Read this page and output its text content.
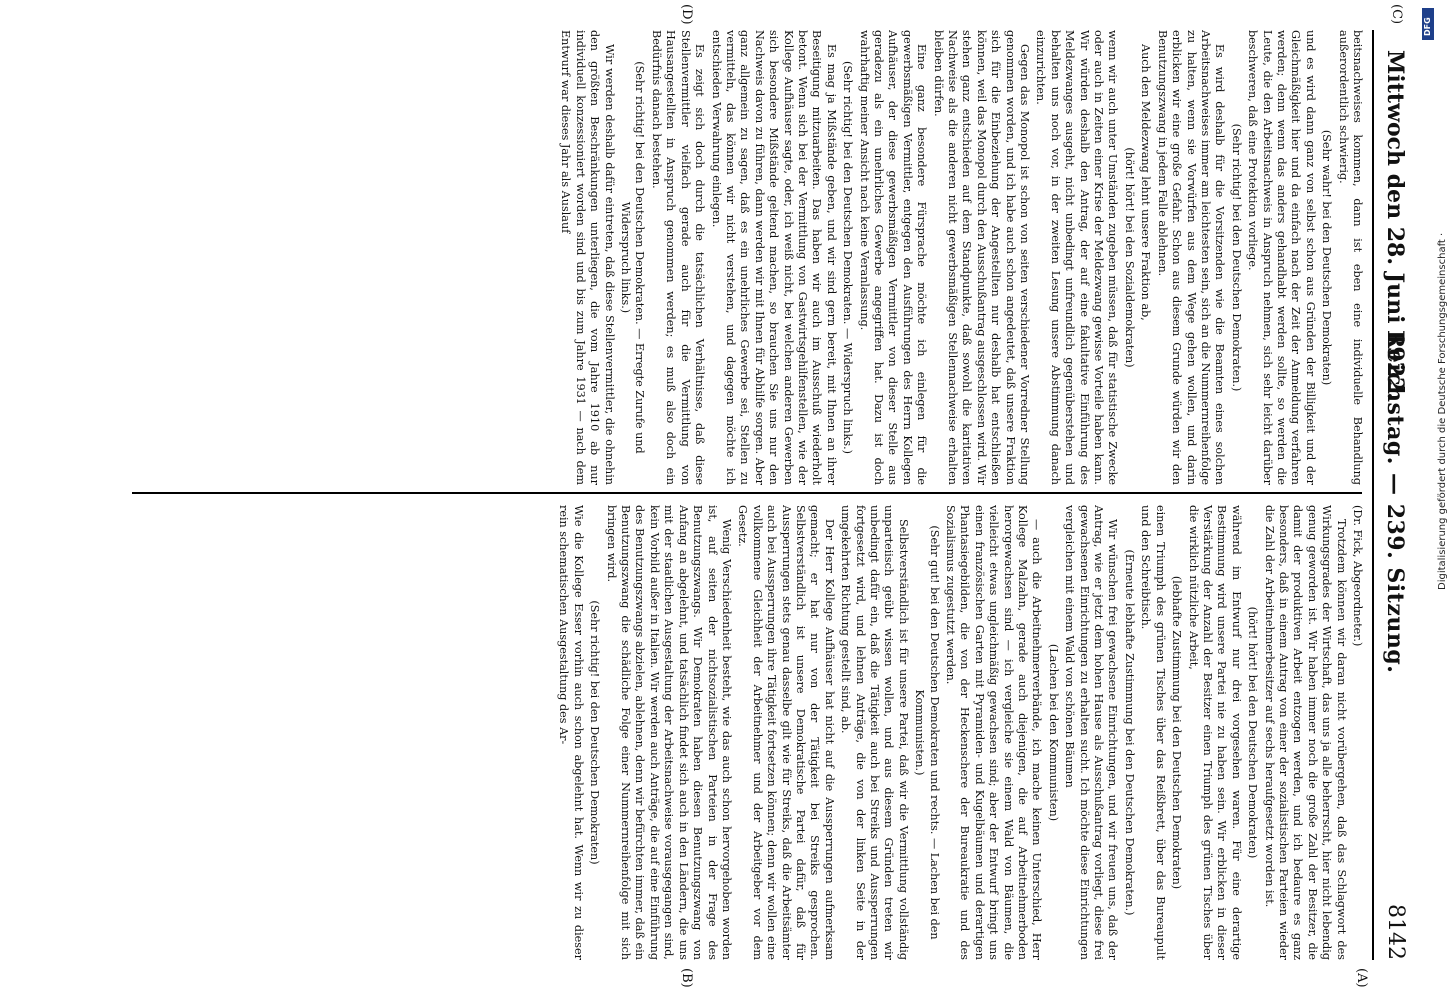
8142
Reichstag. — 239. Sitzung.
Mittwoch den 28. Juni 1922.
(A)
(B)
(C)
(D)

(Dr. Fick, Abgeordneter.)

Trotzdem können wir daran nicht vorübergehen, daß das Schlagwort des Wirkungsgrades der Wirtschaft, das uns ja alle beherrscht, hier nicht lebendig genug geworden ist. Wir haben immer noch die große Zahl der Besitzer, die damit der produktiven Arbeit entzogen werden, und ich bedaure es ganz besonders, daß in einem Antrag von einer der sozialistischen Parteien wieder die Zahl der Arbeitnehmerbesitzer auf sechs heraufgesetzt worden ist.

(hört! hört! bei den Deutschen Demokraten)

während im Entwurf nur drei vorgesehen waren. Für eine derartige Bestimmung wird unsere Partei nie zu haben sein. Wir erblicken in dieser Verstärkung der Anzahl der Besitzer einen Triumph des grünen Tisches über die wirklich nützliche Arbeit,

(lebhafte Zustimmung bei den Deutschen Demokraten)

einen Triumph des grünen Tisches über das Reißbrett, über das Bureaupult und den Schreibtisch.

(Erneute lebhafte Zustimmung bei den Deutschen Demokraten.)

Wir wünschen frei gewachsene Einrichtungen, und wir freuen uns, daß der Antrag, wie er jetzt dem hohen Hause als Ausschußantrag vorliegt, diese frei gewachsenen Einrichtungen zu erhalten sucht. Ich möchte diese Einrichtungen vergleichen mit einem Wald von schönen Bäumen

(Lachen bei den Kommunisten)

— auch die Arbeitnehmerverbände, ich mache keinen Unterschied, Herr Kollege Malzahn, gerade auch diejenigen, die auf Arbeitnehmerboden herorgewachsen sind — ich vergleiche sie einem Wald von Bäumen, die vielleicht etwas ungleichmäßig gewachsen sind; aber der Entwurf bringt uns einen französischen Garten mit Pyramiden- und Kugelbäumen und derartigen Phantasiegebilden, die von der Heckenschere der Bureaukratie und des Sozialismus zugestutzt werden.

(Sehr gut! bei den Deutschen Demokraten und rechts. — Lachen bei den Kommunisten.)

Selbstverständlich ist für unsere Partei, daß wir die Vermittlung vollständig unparteiisch geübt wissen wollen, und aus diesem Gründen treten wir unbedingt dafür ein, daß die Tätigkeit auch bei Streiks und Aussperrungen fortgesetzt wird, und lehnen Anträge, die von der linken Seite in der umgekehrten Richtung gestellt sind, ab.

Der Herr Kollege Aufhäuser hat nicht auf die Aussperrungen aufmerksam gemacht; er hat nur von der Tätigkeit bei Streiks gesprochen. Selbstverständlich ist unsere Demokratische Partei dafür, daß für Aussperrungen stets genau dasselbe gilt wie für Streiks, daß die Arbeitsämter auch bei Aussperrungen ihre Tätigkeit fortsetzen können; denn wir wollen eine vollkommene Gleichheit der Arbeitnehmer und der Arbeitgeber vor dem Gesetz.

Wenig Verschiedenheit besteht, wie das auch schon hervorgehoben worden ist, auf seiten der nichtsozialistischen Parteien in der Frage des Benutzungszwangs. Wir Demokraten haben diesen Benutzungszwang von Anfang an abgelehnt, und tatsächlich findet sich auch in den Ländern, die uns mit der staatlichen Ausgestaltung der Arbeitsnachweise vorausgegangen sind, kein Vorbild außer in Italien. Wir werden auch Anträge, die auf eine Einführung des Benutzungszwangs abzielen, ablehnen, denn wir befürchten immer, daß ein Benutzungszwang die schädliche Folge einer Nummernreihenfolge mit sich bringen wird.

(Sehr richtig! bei den Deutschen Demokraten)

Wie die Kollege Esser vorhin auch schon abgelehnt hat. Wenn wir zu dieser rein schematischen Ausgestaltung des Ar-

beitsnachweises kommen, dann ist eben eine individuelle Behandlung außerordentlich schwierig.

(Sehr wahr! bei den Deutschen Demokraten)

und es wird dann ganz von selbst schon aus Gründen der Billigkeit und der Gleichmäßigkeit hier und da einfach nach der Zeit der Anmeldung verfahren werden; denn wenn das anders gehandhabt werden sollte, so werden die Leute, die den Arbeitsnachweis in Anspruch nehmen, sich sehr leicht darüber beschweren, daß eine Protektion vorliege.

(Sehr richtig! bei den Deutschen Demokraten.)

Es wird deshalb für die Vorsitzenden wie die Beamten eines solchen Arbeitsnachweises immer am leichtesten sein, sich an die Nummernreihenfolge zu halten, wenn sie Vorwürfen aus dem Wege gehen wollen, und darin erblicken wir eine große Gefahr. Schon aus diesem Grunde würden wir den Benutzungszwang in jedem Falle ablehnen.

Auch den Meldezwang lehnt unsere Fraktion ab,

(hört! hört! bei den Sozialdemokraten)

wenn wir auch unter Umständen zugeben müssen, daß für statistische Zwecke oder auch in Zeiten einer Krise der Meldezwang gewisse Vorteile haben kann. Wir würden deshalb den Antrag, der auf eine fakultative Einführung des Meldezwanges ausgeht, nicht unbedingt unfreundlich gegenüberstehen und behalten uns noch vor, in der zweiten Lesung unsere Abstimmung danach einzurichten.

Gegen das Monopol ist schon von seiten verschiedener Vorredner Stellung genommen worden, und ich habe auch schon angedeutet, daß unsere Fraktion sich für die Einbeziehung der Angestellten nur deshalb hat entschließen können, weil das Monopol durch den Ausschußantrag ausgeschlossen wird. Wir stehen ganz entschieden auf dem Standpunkte, daß sowohl die karitativen Nachweise als die anderen nicht gewerbsmäßigen Stellennachweise erhalten bleiben dürfen.

Eine ganz besondere Fürsprache möchte ich einlegen für die gewerbsmäßigen Vermittler, entgegen den Ausführungen des Herrn Kollegen Aufhäuser, der diese gewerbsmäßigen Vermittler von dieser Stelle aus geradezu als ein unehrliches Gewerbe angegriffen hat. Dazu ist doch wahrhaftig meiner Ansicht nach keine Veranlassung.

(Sehr richtig! bei den Deutschen Demokraten. — Widerspruch links.)

Es mag ja Mißstände geben, und wir sind gern bereit, mit Ihnen an ihrer Beseitigung mitzuarbeiten. Das haben wir auch im Ausschuß wiederholt betont. Wenn sich bei der Vermittlung von Gastwirtsgehilfenstellen, wie der Kollege Aufhäuser sagte, oder, ich weiß nicht, bei welchen anderen Gewerben sich besondere Mißstände geltend machen, so brauchen Sie uns nur den Nachweis davon zu führen, dann werden wir mit Ihnen für Abhilfe sorgen. Aber ganz allgemein zu sagen, daß es ein unehrliches Gewerbe sei, Stellen zu vermitteln, das können wir nicht verstehen, und dagegen möchte ich entschieden Verwahrung einlegen.

Es zeigt sich doch durch die tatsächlichen Verhältnisse, daß diese Stellenvermittler vielfach gerade auch für die Vermittlung von Hausangestellten in Anspruch genommen werden; es muß also doch ein Bedürfnis danach bestehen.

(Sehr richtig! bei den Deutschen Demokraten. — Erregte Zurufe und Widerspruch links.)

Wir werden deshalb dafür eintreten, daß diese Stellenvermittler, die ohnehin den größten Beschränkungen unterliegen, die vom Jahre 1910 ab nur individuell konzessioniert worden sind und bis zum Jahre 1931 — nach dem Entwurf war dieses Jahr als Auslauf

DFG
Digitalisierung gefördert durch die Deutsche Forschungsgemeinschaft ·
